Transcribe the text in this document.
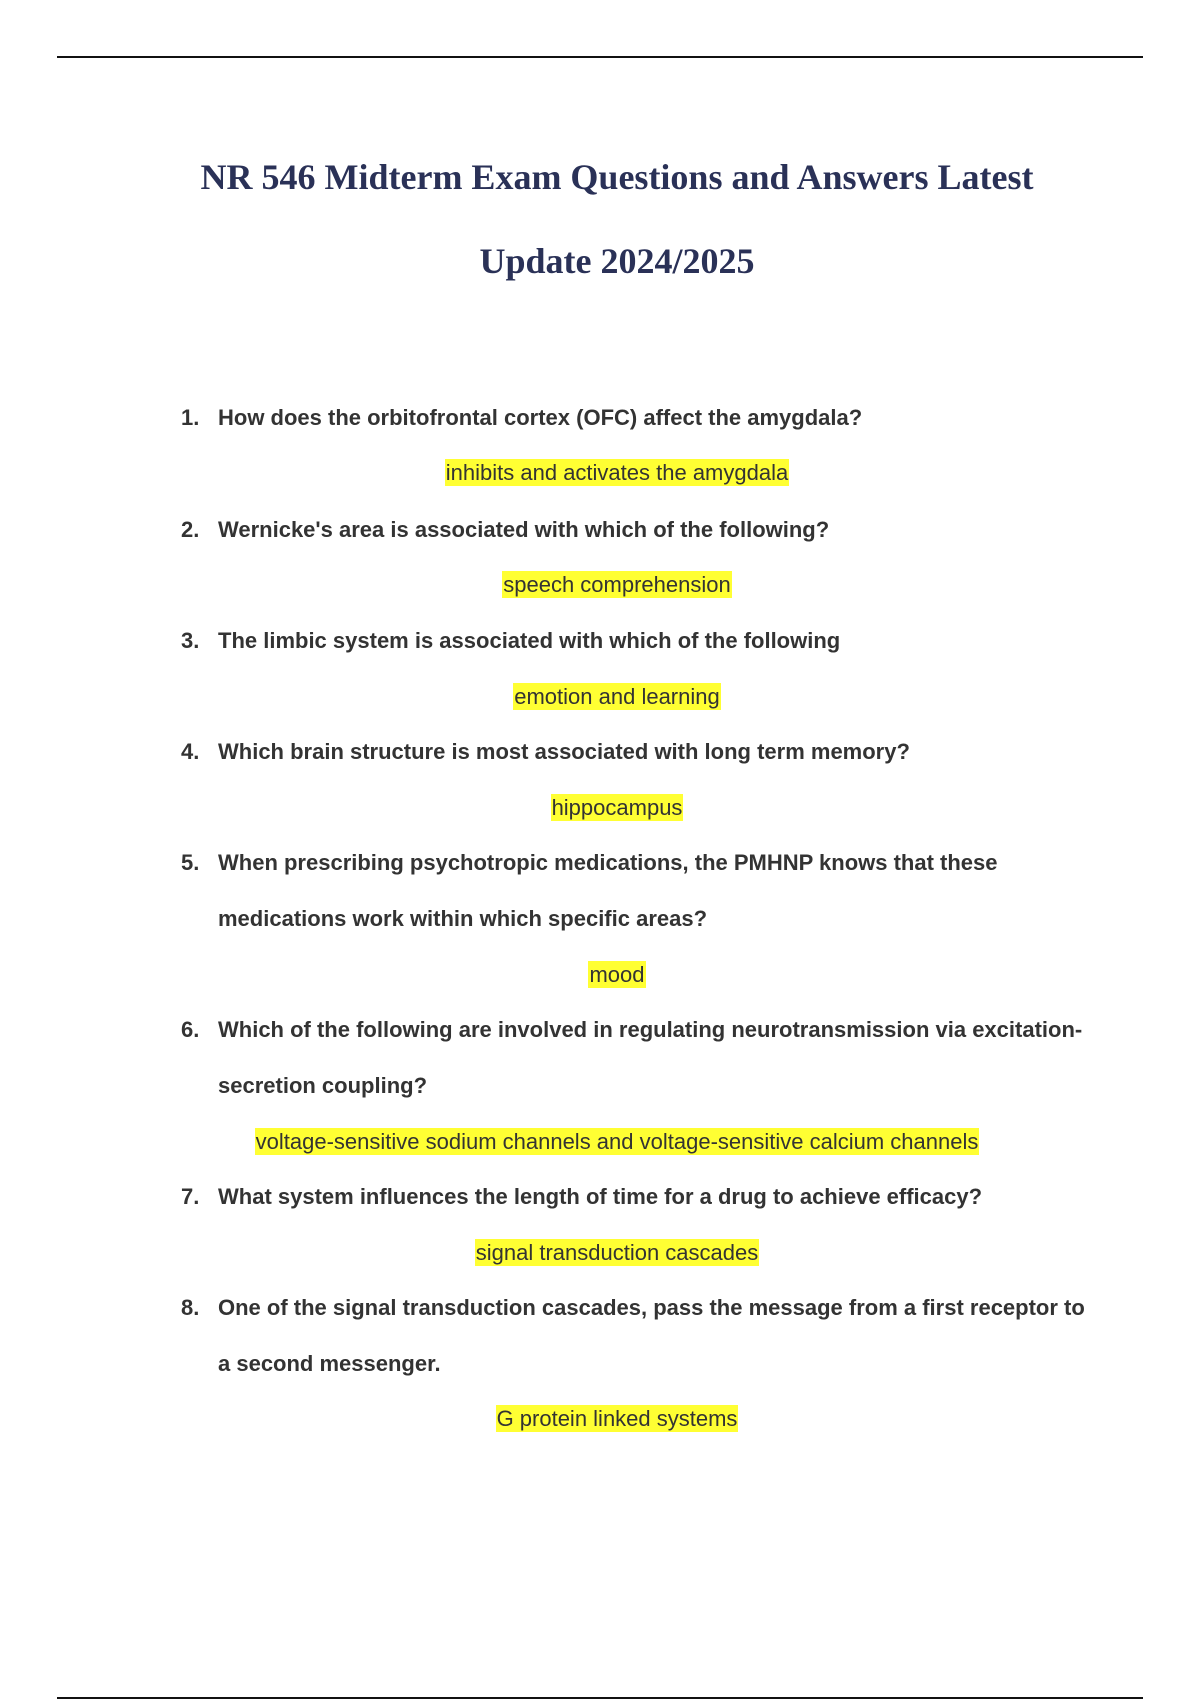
NR 546 Midterm Exam Questions and Answers Latest
Update 2024/2025
1. How does the orbitofrontal cortex (OFC) affect the amygdala?
inhibits and activates the amygdala
2. Wernicke's area is associated with which of the following?
speech comprehension
3. The limbic system is associated with which of the following
emotion and learning
4. Which brain structure is most associated with long term memory?
hippocampus
5. When prescribing psychotropic medications, the PMHNP knows that these medications work within which specific areas?
mood
6. Which of the following are involved in regulating neurotransmission via excitation-secretion coupling?
voltage-sensitive sodium channels and voltage-sensitive calcium channels
7. What system influences the length of time for a drug to achieve efficacy?
signal transduction cascades
8. One of the signal transduction cascades, pass the message from a first receptor to a second messenger.
G protein linked systems
